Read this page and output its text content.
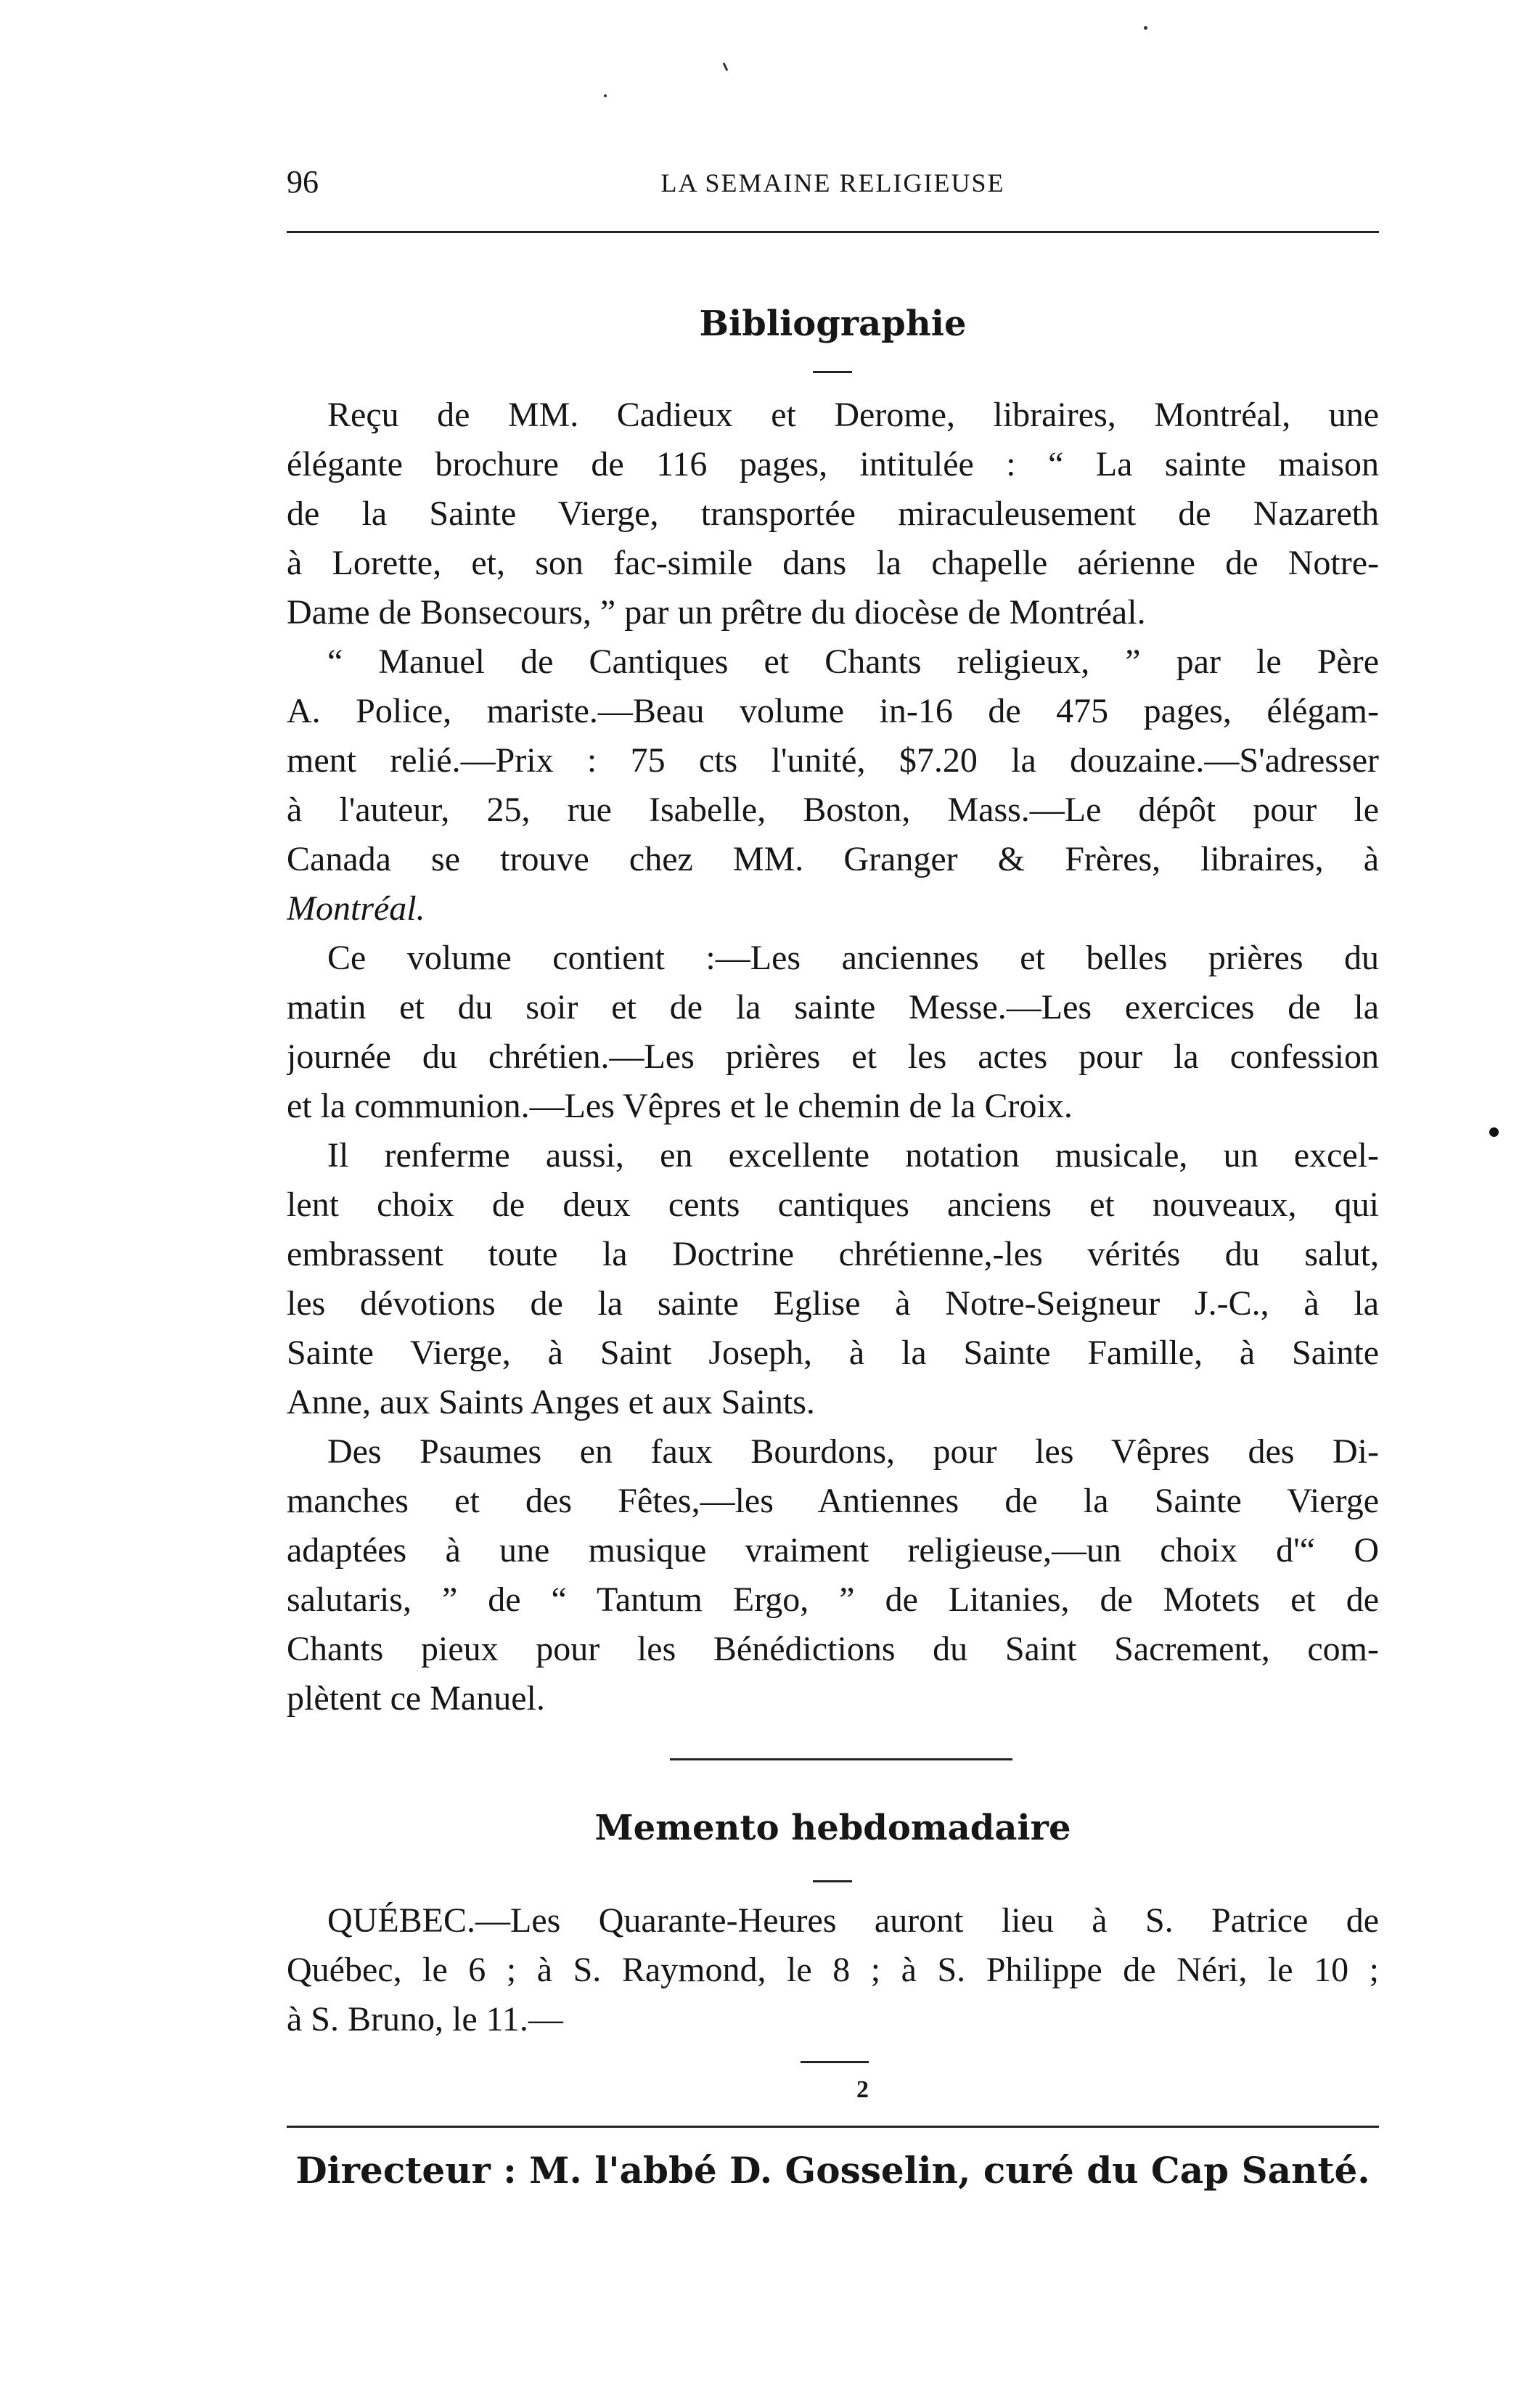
96	LA SEMAINE RELIGIEUSE
Bibliographie
Reçu de MM. Cadieux et Derome, libraires, Montréal, une
élégante brochure de 116 pages, intitulée : “ La sainte maison
de la Sainte Vierge, transportée miraculeusement de Nazareth
à Lorette, et, son fac-simile dans la chapelle aérienne de Notre-
Dame de Bonsecours, ” par un prêtre du diocèse de Montréal.
“ Manuel de Cantiques et Chants religieux, ” par le Père
A. Police, mariste.—Beau volume in-16 de 475 pages, élégam-
ment relié.—Prix : 75 cts l'unité, $7.20 la douzaine.—S'adresser
à l'auteur, 25, rue Isabelle, Boston, Mass.—Le dépôt pour le
Canada se trouve chez MM. Granger & Frères, libraires, à
Montréal.
Ce volume contient :—Les anciennes et belles prières du
matin et du soir et de la sainte Messe.—Les exercices de la
journée du chrétien.—Les prières et les actes pour la confession
et la communion.—Les Vêpres et le chemin de la Croix.
Il renferme aussi, en excellente notation musicale, un excel-
lent choix de deux cents cantiques anciens et nouveaux, qui
embrassent toute la Doctrine chrétienne,-les vérités du salut,
les dévotions de la sainte Eglise à Notre-Seigneur J.-C., à la
Sainte Vierge, à Saint Joseph, à la Sainte Famille, à Sainte
Anne, aux Saints Anges et aux Saints.
Des Psaumes en faux Bourdons, pour les Vêpres des Di-
manches et des Fêtes,—les Antiennes de la Sainte Vierge
adaptées à une musique vraiment religieuse,—un choix d'“ O
salutaris, ” de “ Tantum Ergo, ” de Litanies, de Motets et de
Chants pieux pour les Bénédictions du Saint Sacrement, com-
plètent ce Manuel.
Memento hebdomadaire
QUÉBEC.—Les Quarante-Heures auront lieu à S. Patrice de
Québec, le 6 ; à S. Raymond, le 8 ; à S. Philippe de Néri, le 10 ;
à S. Bruno, le 11.—
2
Directeur : M. l'abbé D. Gosselin, curé du Cap Santé.
